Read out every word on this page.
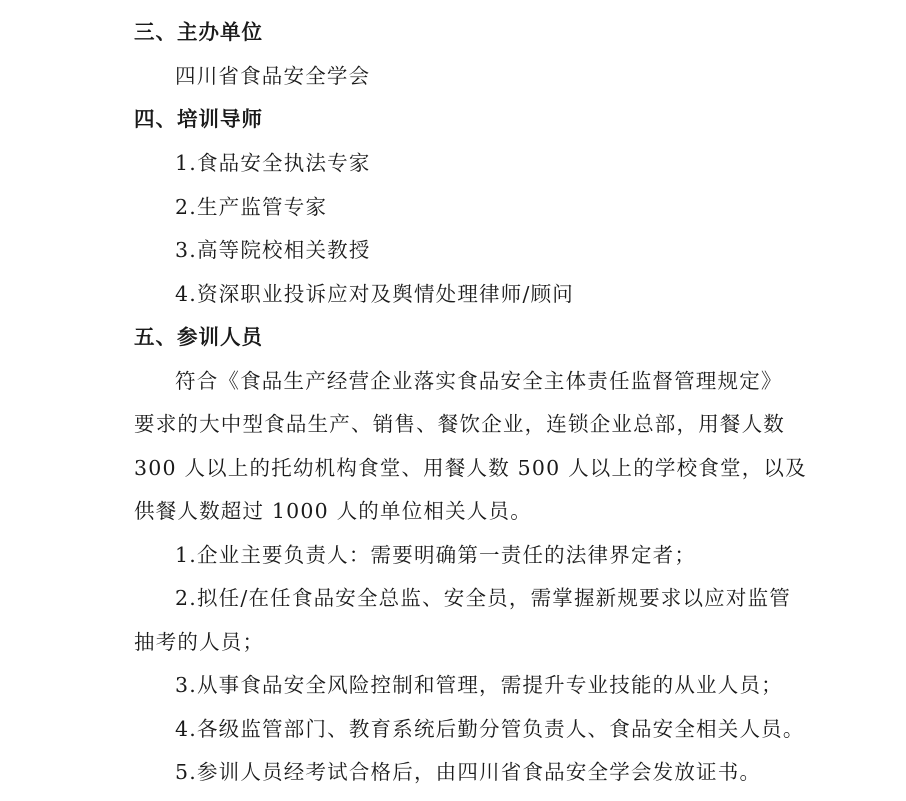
三、主办单位
四川省食品安全学会
四、培训导师
1.食品安全执法专家
2.生产监管专家
3.高等院校相关教授
4.资深职业投诉应对及舆情处理律师/顾问
五、参训人员
符合《食品生产经营企业落实食品安全主体责任监督管理规定》
要求的大中型食品生产、销售、餐饮企业，连锁企业总部，用餐人数
300 人以上的托幼机构食堂、用餐人数 500 人以上的学校食堂，以及
供餐人数超过 1000 人的单位相关人员。
1.企业主要负责人：需要明确第一责任的法律界定者；
2.拟任/在任食品安全总监、安全员，需掌握新规要求以应对监管
抽考的人员；
3.从事食品安全风险控制和管理，需提升专业技能的从业人员；
4.各级监管部门、教育系统后勤分管负责人、食品安全相关人员。
5.参训人员经考试合格后，由四川省食品安全学会发放证书。
